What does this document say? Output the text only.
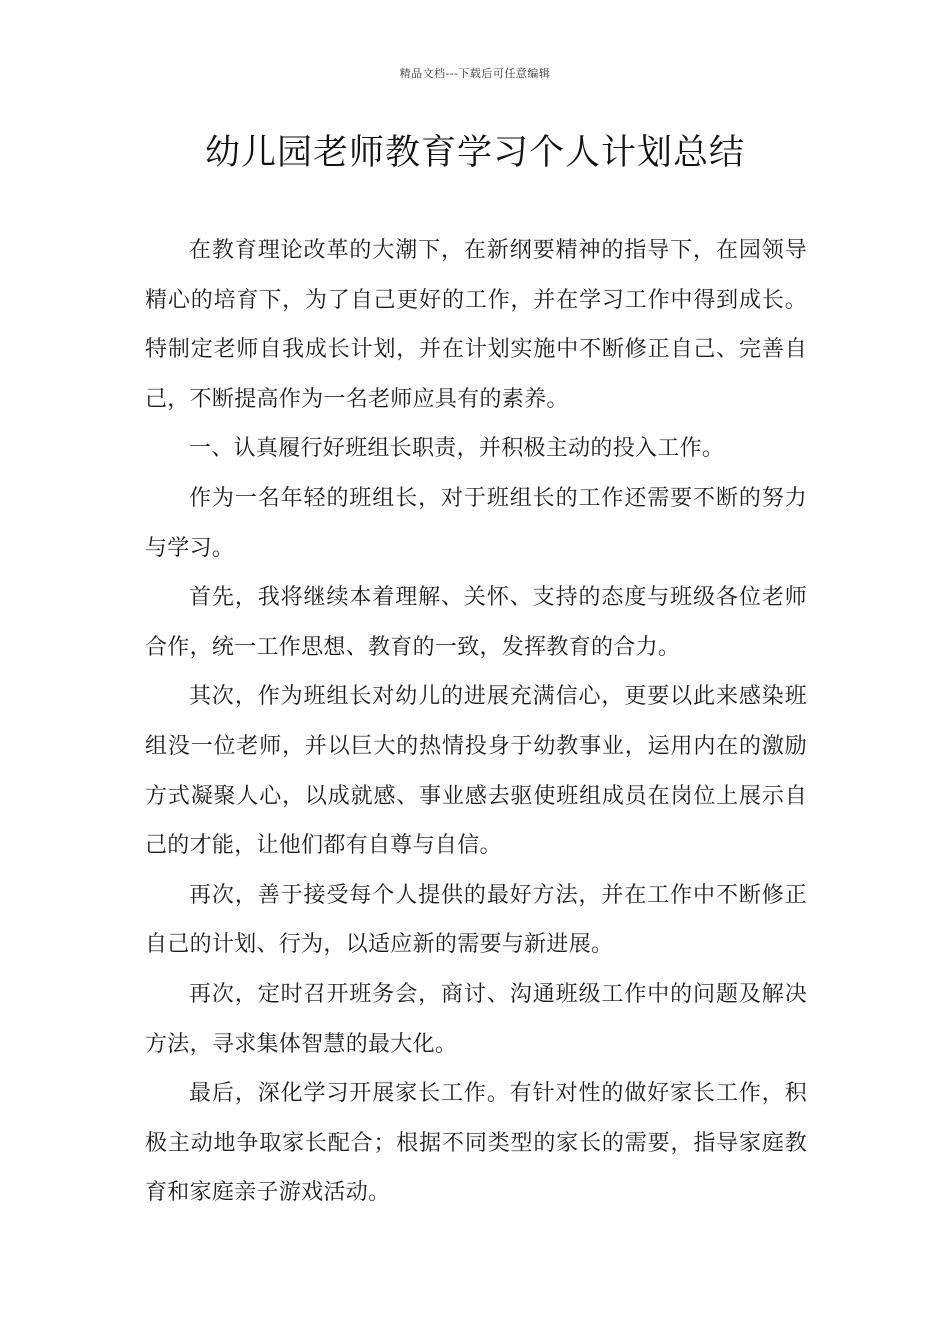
精品文档---下载后可任意编辑
幼儿园老师教育学习个人计划总结

在教育理论改革的大潮下，在新纲要精神的指导下，在园领导精心的培育下，为了自己更好的工作，并在学习工作中得到成长。特制定老师自我成长计划，并在计划实施中不断修正自己、完善自己，不断提高作为一名老师应具有的素养。

一、认真履行好班组长职责，并积极主动的投入工作。

作为一名年轻的班组长，对于班组长的工作还需要不断的努力与学习。

首先，我将继续本着理解、关怀、支持的态度与班级各位老师合作，统一工作思想、教育的一致，发挥教育的合力。

其次，作为班组长对幼儿的进展充满信心，更要以此来感染班组没一位老师，并以巨大的热情投身于幼教事业，运用内在的激励方式凝聚人心，以成就感、事业感去驱使班组成员在岗位上展示自己的才能，让他们都有自尊与自信。

再次，善于接受每个人提供的最好方法，并在工作中不断修正自己的计划、行为，以适应新的需要与新进展。

再次，定时召开班务会，商讨、沟通班级工作中的问题及解决方法，寻求集体智慧的最大化。

最后，深化学习开展家长工作。有针对性的做好家长工作，积极主动地争取家长配合；根据不同类型的家长的需要，指导家庭教育和家庭亲子游戏活动。
